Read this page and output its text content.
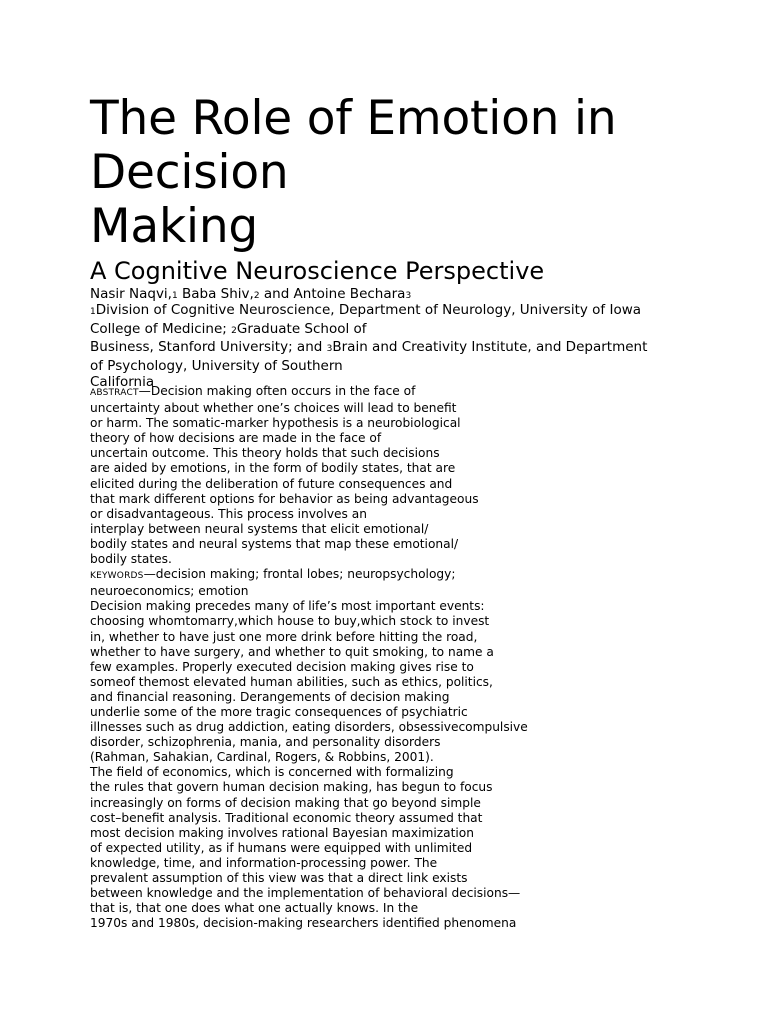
The Role of Emotion in
Decision
Making
A Cognitive Neuroscience Perspective
Nasir Naqvi,1 Baba Shiv,2 and Antoine Bechara3
1Division of Cognitive Neuroscience, Department of Neurology, University of Iowa
College of Medicine; 2Graduate School of
Business, Stanford University; and 3Brain and Creativity Institute, and Department
of Psychology, University of Southern
California
ABSTRACT—Decision making often occurs in the face of
uncertainty about whether one’s choices will lead to benefit
or harm. The somatic-marker hypothesis is a neurobiological
theory of how decisions are made in the face of
uncertain outcome. This theory holds that such decisions
are aided by emotions, in the form of bodily states, that are
elicited during the deliberation of future consequences and
that mark different options for behavior as being advantageous
or disadvantageous. This process involves an
interplay between neural systems that elicit emotional/
bodily states and neural systems that map these emotional/
bodily states.
KEYWORDS—decision making; frontal lobes; neuropsychology;
neuroeconomics; emotion
Decision making precedes many of life’s most important events:
choosing whomtomarry,which house to buy,which stock to invest
in, whether to have just one more drink before hitting the road,
whether to have surgery, and whether to quit smoking, to name a
few examples. Properly executed decision making gives rise to
someof themost elevated human abilities, such as ethics, politics,
and financial reasoning. Derangements of decision making
underlie some of the more tragic consequences of psychiatric
illnesses such as drug addiction, eating disorders, obsessivecompulsive
disorder, schizophrenia, mania, and personality disorders
(Rahman, Sahakian, Cardinal, Rogers, & Robbins, 2001).
The field of economics, which is concerned with formalizing
the rules that govern human decision making, has begun to focus
increasingly on forms of decision making that go beyond simple
cost–benefit analysis. Traditional economic theory assumed that
most decision making involves rational Bayesian maximization
of expected utility, as if humans were equipped with unlimited
knowledge, time, and information-processing power. The
prevalent assumption of this view was that a direct link exists
between knowledge and the implementation of behavioral decisions—
that is, that one does what one actually knows. In the
1970s and 1980s, decision-making researchers identified phenomena
